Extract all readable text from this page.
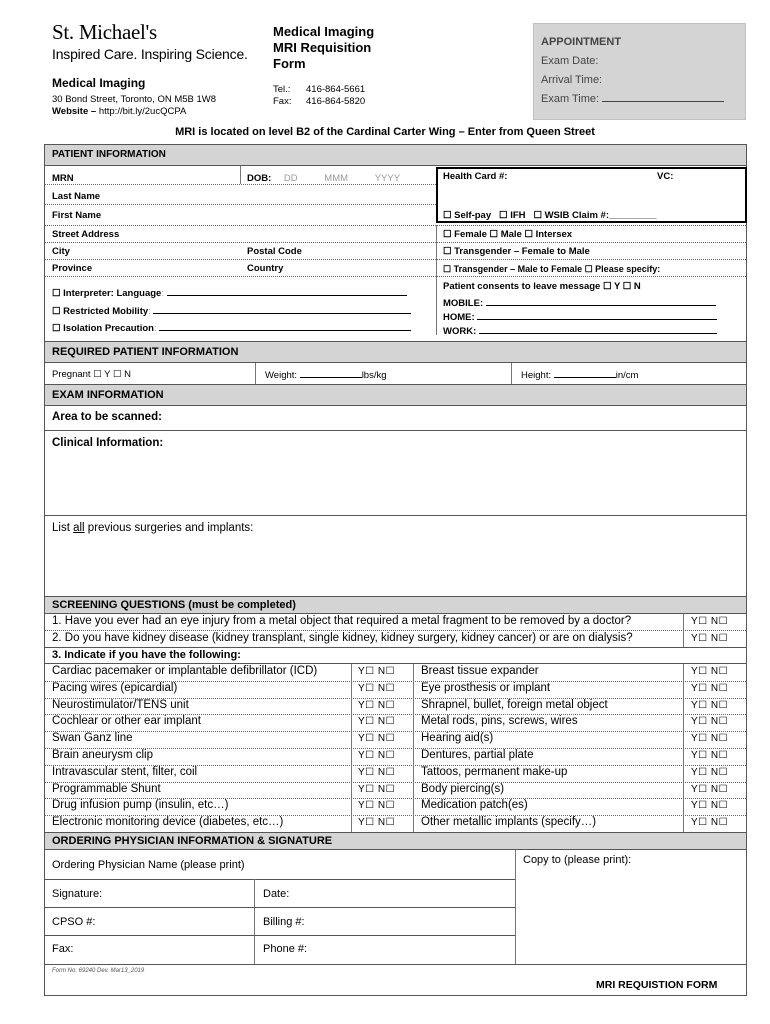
St. Michael's
Inspired Care. Inspiring Science.
Medical Imaging
30 Bond Street, Toronto, ON M5B 1W8
Website – http://bit.ly/2ucQCPA
Medical Imaging
MRI Requisition
Form
Tel.: 416-864-5661
Fax: 416-864-5820
APPOINTMENT
Exam Date:
Arrival Time:
Exam Time:
MRI is located on level B2 of the Cardinal Carter Wing – Enter from Queen Street
PATIENT INFORMATION
MRN	DOB: DD	MMM	YYYY	Health Card #:	VC:
Last Name
First Name	☐ Self-pay ☐ IFH ☐ WSIB Claim #:_________
Street Address	☐ Female ☐ Male ☐ Intersex
City	Postal Code	☐ Transgender – Female to Male
Province	Country	☐ Transgender – Male to Female ☐ Please specify:
Patient consents to leave message ☐ Y ☐ N
☐ Interpreter: Language:
MOBILE:
☐ Restricted Mobility:
HOME:
☐ Isolation Precaution:	WORK:
REQUIRED PATIENT INFORMATION
Pregnant ☐ Y ☐ N	Weight:	lbs/kg	Height:	in/cm
EXAM INFORMATION
Area to be scanned:
Clinical Information:
List all previous surgeries and implants:
SCREENING QUESTIONS (must be completed)
1. Have you ever had an eye injury from a metal object that required a metal fragment to be removed by a doctor?	Y☐ N☐
2. Do you have kidney disease (kidney transplant, single kidney, kidney surgery, kidney cancer) or are on dialysis?	Y☐ N☐
3. Indicate if you have the following:
Cardiac pacemaker or implantable defibrillator (ICD)	Y☐ N☐ Breast tissue expander	Y☐ N☐
Pacing wires (epicardial)	Y☐ N☐ Eye prosthesis or implant	Y☐ N☐
Neurostimulator/TENS unit	Y☐ N☐ Shrapnel, bullet, foreign metal object	Y☐ N☐
Cochlear or other ear implant	Y☐ N☐ Metal rods, pins, screws, wires	Y☐ N☐
Swan Ganz line	Y☐ N☐ Hearing aid(s)	Y☐ N☐
Brain aneurysm clip	Y☐ N☐ Dentures, partial plate	Y☐ N☐
Intravascular stent, filter, coil	Y☐ N☐ Tattoos, permanent make-up	Y☐ N☐
Programmable Shunt	Y☐ N☐ Body piercing(s)	Y☐ N☐
Drug infusion pump (insulin, etc…)	Y☐ N☐ Medication patch(es)	Y☐ N☐
Electronic monitoring device (diabetes, etc…)	Y☐ N☐ Other metallic implants (specify…)	Y☐ N☐
ORDERING PHYSICIAN INFORMATION & SIGNATURE
Ordering Physician Name (please print)	Copy to (please print):
Signature:	Date:
CPSO #:	Billing #:
Fax:	Phone #:
Form No. 69240 Dev. Mar13_2019
MRI REQUISTION FORM
